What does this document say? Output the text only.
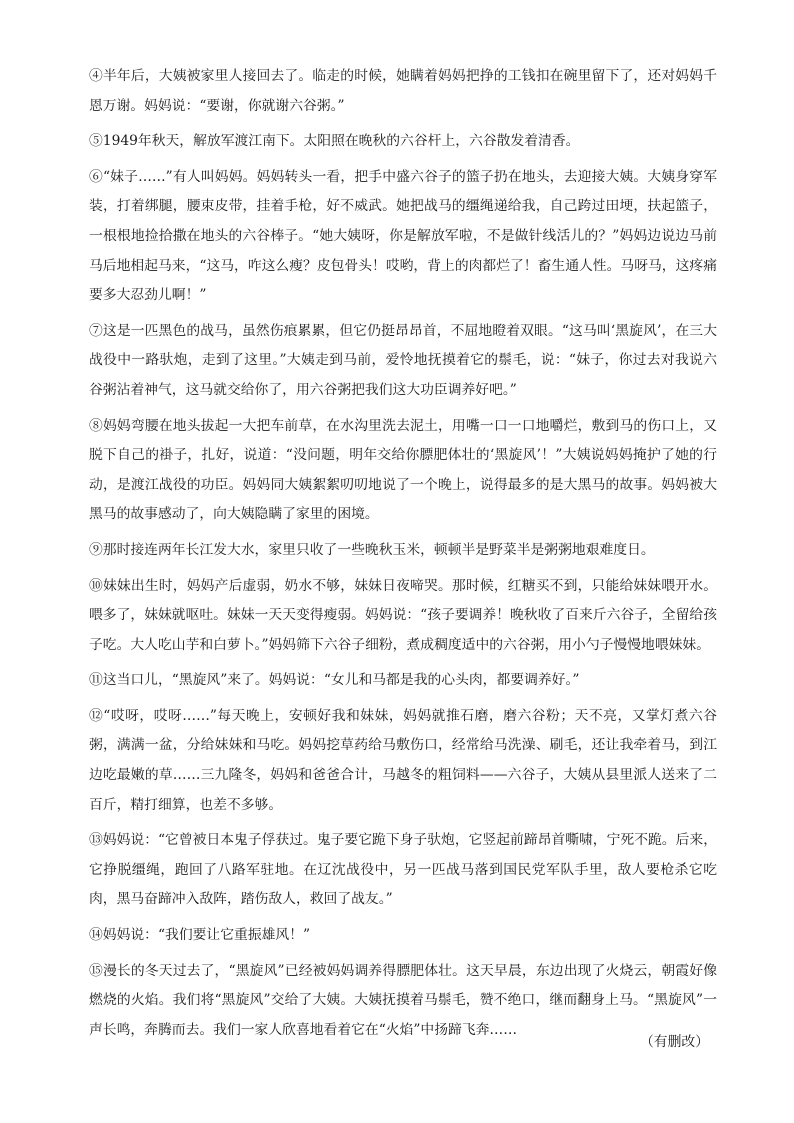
④半年后，大姨被家里人接回去了。临走的时候，她瞒着妈妈把挣的工钱扣在碗里留下了，还对妈妈千恩万谢。妈妈说：“要谢，你就谢六谷粥。”

⑤1949年秋天，解放军渡江南下。太阳照在晚秋的六谷杆上，六谷散发着清香。

⑥“妹子……”有人叫妈妈。妈妈转头一看，把手中盛六谷子的篮子扔在地头，去迎接大姨。大姨身穿军装，打着绑腿，腰束皮带，挂着手枪，好不威武。她把战马的缰绳递给我，自己跨过田埂，扶起篮子，一根根地捡拾撒在地头的六谷棒子。“她大姨呀，你是解放军啦，不是做针线活儿的？”妈妈边说边马前马后地相起马来，“这马，咋这么瘦？皮包骨头！哎哟，背上的肉都烂了！畜生通人性。马呀马，这疼痛要多大忍劲儿啊！”

⑦这是一匹黑色的战马，虽然伤痕累累，但它仍挺昂昂首，不屈地瞪着双眼。“这马叫‘黑旋风’，在三大战役中一路驮炮，走到了这里。”大姨走到马前，爱怜地抚摸着它的鬃毛，说：“妹子，你过去对我说六谷粥沾着神气，这马就交给你了，用六谷粥把我们这大功臣调养好吧。”

⑧妈妈弯腰在地头拔起一大把车前草，在水沟里洗去泥土，用嘴一口一口地嚼烂，敷到马的伤口上，又脱下自己的褂子，扎好，说道：“没问题，明年交给你膘肥体壮的‘黑旋风’！”大姨说妈妈掩护了她的行动，是渡江战役的功臣。妈妈同大姨絮絮叨叨地说了一个晚上，说得最多的是大黑马的故事。妈妈被大黑马的故事感动了，向大姨隐瞒了家里的困境。

⑨那时接连两年长江发大水，家里只收了一些晚秋玉米，顿顿半是野菜半是粥粥地艰难度日。

⑩妹妹出生时，妈妈产后虚弱，奶水不够，妹妹日夜啼哭。那时候，红糖买不到，只能给妹妹喂开水。喂多了，妹妹就呕吐。妹妹一天天变得瘦弱。妈妈说：“孩子要调养！晚秋收了百来斤六谷子，全留给孩子吃。大人吃山芋和白萝卜。”妈妈筛下六谷子细粉，煮成稠度适中的六谷粥，用小勺子慢慢地喂妹妹。

⑪这当口儿，“黑旋风”来了。妈妈说：“女儿和马都是我的心头肉，都要调养好。”

⑫“哎呀，哎呀……”每天晚上，安顿好我和妹妹，妈妈就推石磨，磨六谷粉；天不亮，又掌灯煮六谷粥，满满一盆，分给妹妹和马吃。妈妈挖草药给马敷伤口，经常给马洗澡、刷毛，还让我牵着马，到江边吃最嫩的草……三九隆冬，妈妈和爸爸合计，马越冬的粗饲料——六谷子，大姨从县里派人送来了二百斤，精打细算，也差不多够。

⑬妈妈说：“它曾被日本鬼子俘获过。鬼子要它跪下身子驮炮，它竖起前蹄昂首嘶啸，宁死不跪。后来，它挣脱缰绳，跑回了八路军驻地。在辽沈战役中，另一匹战马落到国民党军队手里，敌人要枪杀它吃肉，黑马奋蹄冲入敌阵，踏伤敌人，救回了战友。”

⑭妈妈说：“我们要让它重振雄风！”

⑮漫长的冬天过去了，“黑旋风”已经被妈妈调养得膘肥体壮。这天早晨，东边出现了火烧云，朝霞好像燃烧的火焰。我们将“黑旋风”交给了大姨。大姨抚摸着马鬃毛，赞不绝口，继而翻身上马。“黑旋风”一声长鸣，奔腾而去。我们一家人欣喜地看着它在“火焰”中扬蹄飞奔……

（有删改）
